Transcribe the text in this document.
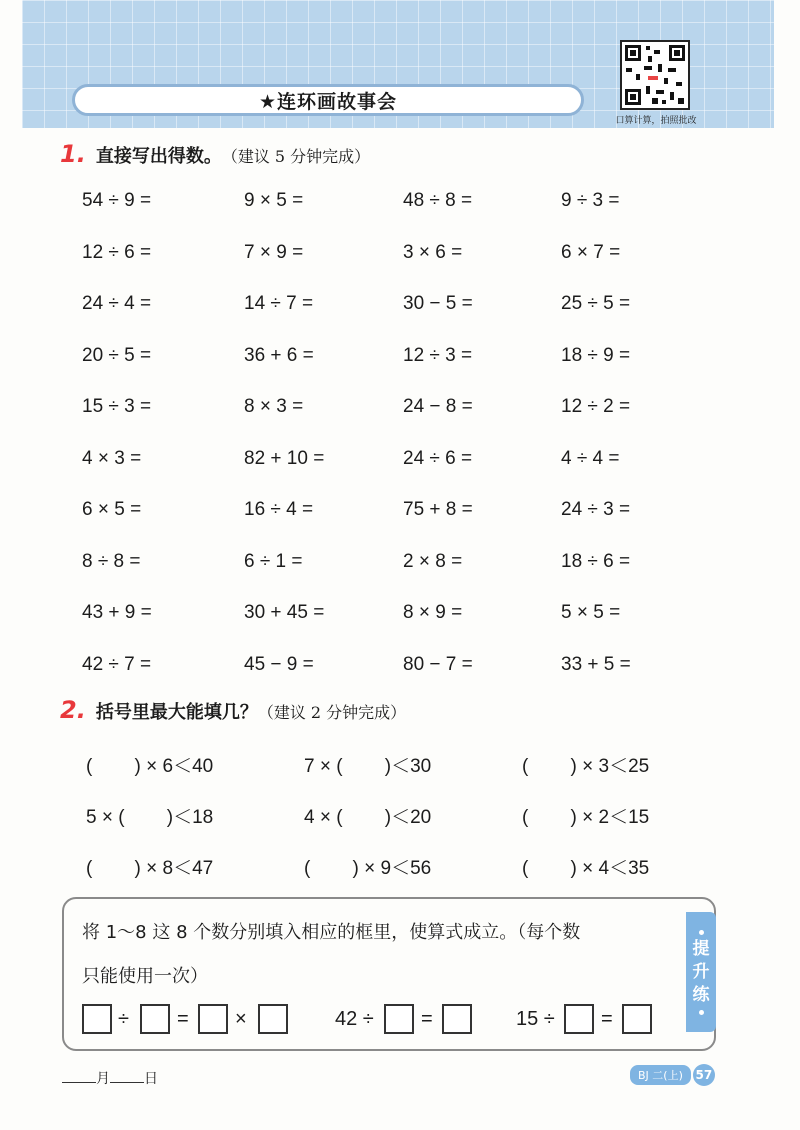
★连环画故事会
口算计算，拍照批改
1. 直接写出得数。 （建议 5 分钟完成）
54 ÷ 9 =	9 × 5 =	48 ÷ 8 =	9 ÷ 3 =
12 ÷ 6 =	7 × 9 =	3 × 6 =	6 × 7 =
24 ÷ 4 =	14 ÷ 7 =	30 − 5 =	25 ÷ 5 =
20 ÷ 5 =	36 + 6 =	12 ÷ 3 =	18 ÷ 9 =
15 ÷ 3 =	8 × 3 =	24 − 8 =	12 ÷ 2 =
4 × 3 =	82 + 10 =	24 ÷ 6 =	4 ÷ 4 =
6 × 5 =	16 ÷ 4 =	75 + 8 =	24 ÷ 3 =
8 ÷ 8 =	6 ÷ 1 =	2 × 8 =	18 ÷ 6 =
43 + 9 =	30 + 45 =	8 × 9 =	5 × 5 =
42 ÷ 7 =	45 − 9 =	80 − 7 =	33 + 5 =
2. 括号里最大能填几？ （建议 2 分钟完成）
(        ) × 6＜40	7 × (        )＜30	(        ) × 3＜25
5 × (        )＜18	4 × (        )＜20	(        ) × 2＜15
(        ) × 8＜47	(        ) × 9＜56	(        ) × 4＜35
将 1～8 这 8 个数分别填入相应的框里，使算式成立。（每个数
只能使用一次）
提
升
练
÷ = ×	42 ÷ =	15 ÷ =
月 日	BJ 二(上)	57
